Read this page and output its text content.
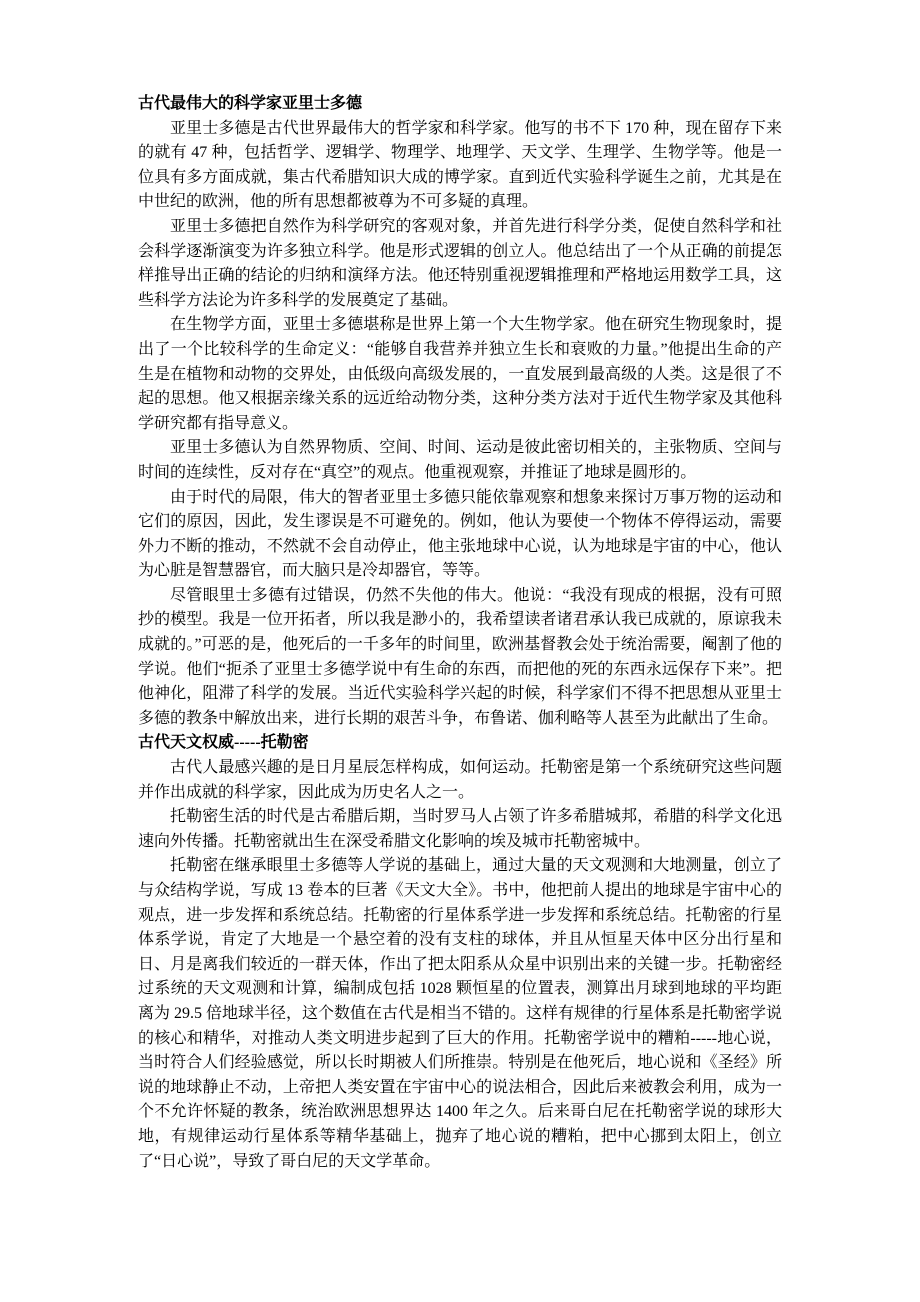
古代最伟大的科学家亚里士多德

亚里士多德是古代世界最伟大的哲学家和科学家。他写的书不下 170 种，现在留存下来的就有 47 种，包括哲学、逻辑学、物理学、地理学、天文学、生理学、生物学等。他是一位具有多方面成就，集古代希腊知识大成的博学家。直到近代实验科学诞生之前，尤其是在中世纪的欧洲，他的所有思想都被尊为不可多疑的真理。

亚里士多德把自然作为科学研究的客观对象，并首先进行科学分类，促使自然科学和社会科学逐渐演变为许多独立科学。他是形式逻辑的创立人。他总结出了一个从正确的前提怎样推导出正确的结论的归纳和演绎方法。他还特别重视逻辑推理和严格地运用数学工具，这些科学方法论为许多科学的发展奠定了基础。

在生物学方面，亚里士多德堪称是世界上第一个大生物学家。他在研究生物现象时，提出了一个比较科学的生命定义：“能够自我营养并独立生长和衰败的力量。”他提出生命的产生是在植物和动物的交界处，由低级向高级发展的，一直发展到最高级的人类。这是很了不起的思想。他又根据亲缘关系的远近给动物分类，这种分类方法对于近代生物学家及其他科学研究都有指导意义。

亚里士多德认为自然界物质、空间、时间、运动是彼此密切相关的，主张物质、空间与时间的连续性，反对存在“真空”的观点。他重视观察，并推证了地球是圆形的。

由于时代的局限，伟大的智者亚里士多德只能依靠观察和想象来探讨万事万物的运动和它们的原因，因此，发生谬误是不可避免的。例如，他认为要使一个物体不停得运动，需要外力不断的推动，不然就不会自动停止，他主张地球中心说，认为地球是宇宙的中心，他认为心脏是智慧器官，而大脑只是冷却器官，等等。

尽管眼里士多德有过错误，仍然不失他的伟大。他说：“我没有现成的根据，没有可照抄的模型。我是一位开拓者，所以我是渺小的，我希望读者诸君承认我已成就的，原谅我未成就的。”可恶的是，他死后的一千多年的时间里，欧洲基督教会处于统治需要，阉割了他的学说。他们“扼杀了亚里士多德学说中有生命的东西，而把他的死的东西永远保存下来”。把他神化，阻滞了科学的发展。当近代实验科学兴起的时候，科学家们不得不把思想从亚里士多德的教条中解放出来，进行长期的艰苦斗争，布鲁诺、伽利略等人甚至为此献出了生命。

古代天文权威-----托勒密

古代人最感兴趣的是日月星辰怎样构成，如何运动。托勒密是第一个系统研究这些问题并作出成就的科学家，因此成为历史名人之一。

托勒密生活的时代是古希腊后期，当时罗马人占领了许多希腊城邦，希腊的科学文化迅速向外传播。托勒密就出生在深受希腊文化影响的埃及城市托勒密城中。

托勒密在继承眼里士多德等人学说的基础上，通过大量的天文观测和大地测量，创立了与众结构学说，写成 13 卷本的巨著《天文大全》。书中，他把前人提出的地球是宇宙中心的观点，进一步发挥和系统总结。托勒密的行星体系学进一步发挥和系统总结。托勒密的行星体系学说，肯定了大地是一个悬空着的没有支柱的球体，并且从恒星天体中区分出行星和日、月是离我们较近的一群天体，作出了把太阳系从众星中识别出来的关键一步。托勒密经过系统的天文观测和计算，编制成包括 1028 颗恒星的位置表，测算出月球到地球的平均距离为 29.5 倍地球半径，这个数值在古代是相当不错的。这样有规律的行星体系是托勒密学说的核心和精华，对推动人类文明进步起到了巨大的作用。托勒密学说中的糟粕-----地心说，当时符合人们经验感觉，所以长时期被人们所推崇。特别是在他死后，地心说和《圣经》所说的地球静止不动，上帝把人类安置在宇宙中心的说法相合，因此后来被教会利用，成为一个不允许怀疑的教条，统治欧洲思想界达 1400 年之久。后来哥白尼在托勒密学说的球形大地，有规律运动行星体系等精华基础上，抛弃了地心说的糟粕，把中心挪到太阳上，创立了“日心说”，导致了哥白尼的天文学革命。
